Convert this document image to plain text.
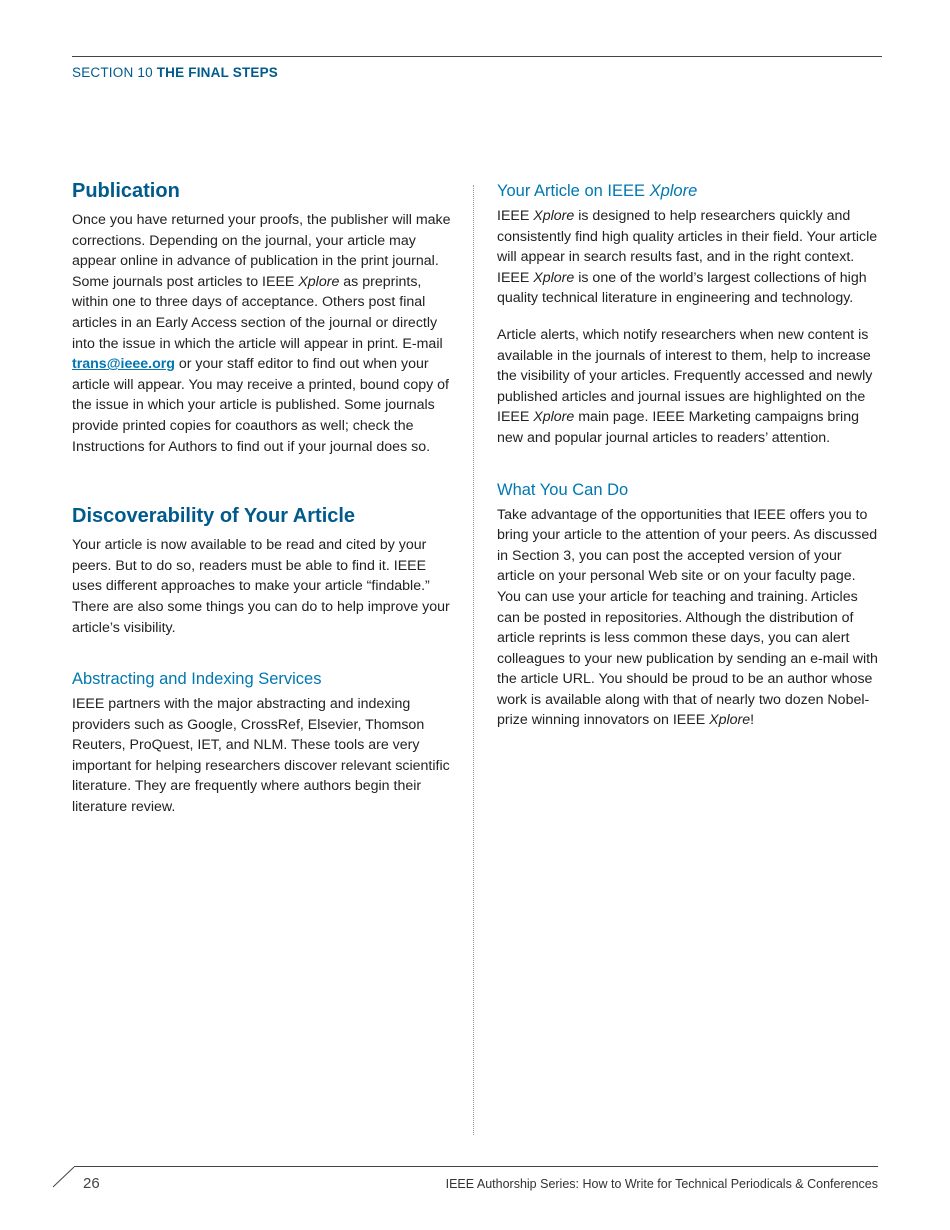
SECTION 10 THE FINAL STEPS
Publication

Once you have returned your proofs, the publisher will make corrections. Depending on the journal, your article may appear online in advance of publication in the print journal. Some journals post articles to IEEE Xplore as preprints, within one to three days of acceptance. Others post final articles in an Early Access section of the journal or directly into the issue in which the article will appear in print. E-mail trans@ieee.org or your staff editor to find out when your article will appear. You may receive a printed, bound copy of the issue in which your article is published. Some journals provide printed copies for coauthors as well; check the Instructions for Authors to find out if your journal does so.

Discoverability of Your Article

Your article is now available to be read and cited by your peers. But to do so, readers must be able to find it. IEEE uses different approaches to make your article “findable.” There are also some things you can do to help improve your article’s visibility.

Abstracting and Indexing Services

IEEE partners with the major abstracting and indexing providers such as Google, CrossRef, Elsevier, Thomson Reuters, ProQuest, IET, and NLM. These tools are very important for helping researchers discover relevant scientific literature. They are frequently where authors begin their literature review.

Your Article on IEEE Xplore

IEEE Xplore is designed to help researchers quickly and consistently find high quality articles in their field. Your article will appear in search results fast, and in the right context. IEEE Xplore is one of the world’s largest collections of high quality technical literature in engineering and technology.

Article alerts, which notify researchers when new content is available in the journals of interest to them, help to increase the visibility of your articles. Frequently accessed and newly published articles and journal issues are highlighted on the IEEE Xplore main page. IEEE Marketing campaigns bring new and popular journal articles to readers’ attention.

What You Can Do

Take advantage of the opportunities that IEEE offers you to bring your article to the attention of your peers. As discussed in Section 3, you can post the accepted version of your article on your personal Web site or on your faculty page. You can use your article for teaching and training. Articles can be posted in repositories. Although the distribution of article reprints is less common these days, you can alert colleagues to your new publication by sending an e-mail with the article URL. You should be proud to be an author whose work is available along with that of nearly two dozen Nobel-prize winning innovators on IEEE Xplore!

26	IEEE Authorship Series: How to Write for Technical Periodicals & Conferences
